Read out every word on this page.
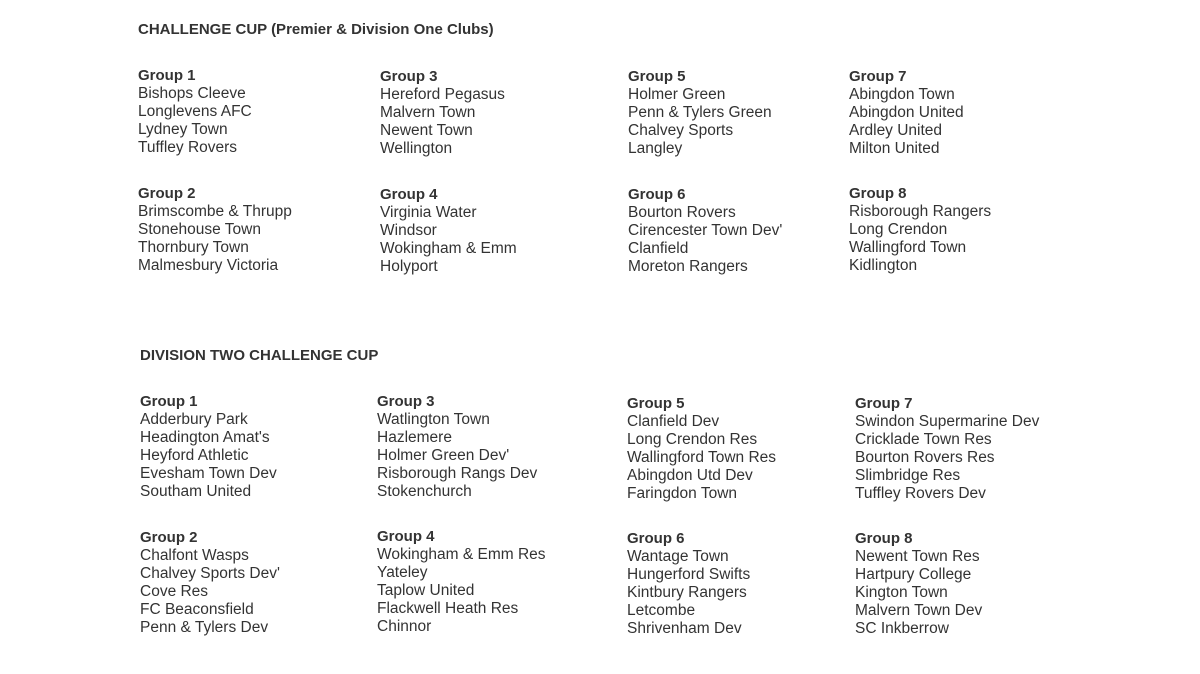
CHALLENGE CUP (Premier & Division One Clubs)
Group 1
Bishops Cleeve
Longlevens AFC
Lydney Town
Tuffley Rovers
Group 3
Hereford Pegasus
Malvern Town
Newent Town
Wellington
Group 5
Holmer Green
Penn & Tylers Green
Chalvey Sports
Langley
Group 7
Abingdon Town
Abingdon United
Ardley United
Milton United
Group 2
Brimscombe & Thrupp
Stonehouse Town
Thornbury Town
Malmesbury Victoria
Group 4
Virginia Water
Windsor
Wokingham & Emm
Holyport
Group 6
Bourton Rovers
Cirencester Town Dev'
Clanfield
Moreton Rangers
Group 8
Risborough Rangers
Long Crendon
Wallingford Town
Kidlington
DIVISION TWO CHALLENGE CUP
Group 1
Adderbury Park
Headington Amat's
Heyford Athletic
Evesham Town Dev
Southam United
Group 3
Watlington Town
Hazlemere
Holmer Green Dev'
Risborough Rangs Dev
Stokenchurch
Group 5
Clanfield Dev
Long Crendon Res
Wallingford Town Res
Abingdon Utd Dev
Faringdon Town
Group 7
Swindon Supermarine Dev
Cricklade Town Res
Bourton Rovers Res
Slimbridge Res
Tuffley Rovers Dev
Group 2
Chalfont Wasps
Chalvey Sports Dev'
Cove Res
FC Beaconsfield
Penn & Tylers Dev
Group 4
Wokingham & Emm Res
Yateley
Taplow United
Flackwell Heath Res
Chinnor
Group 6
Wantage Town
Hungerford Swifts
Kintbury Rangers
Letcombe
Shrivenham Dev
Group 8
Newent Town Res
Hartpury College
Kington Town
Malvern Town Dev
SC Inkberrow
